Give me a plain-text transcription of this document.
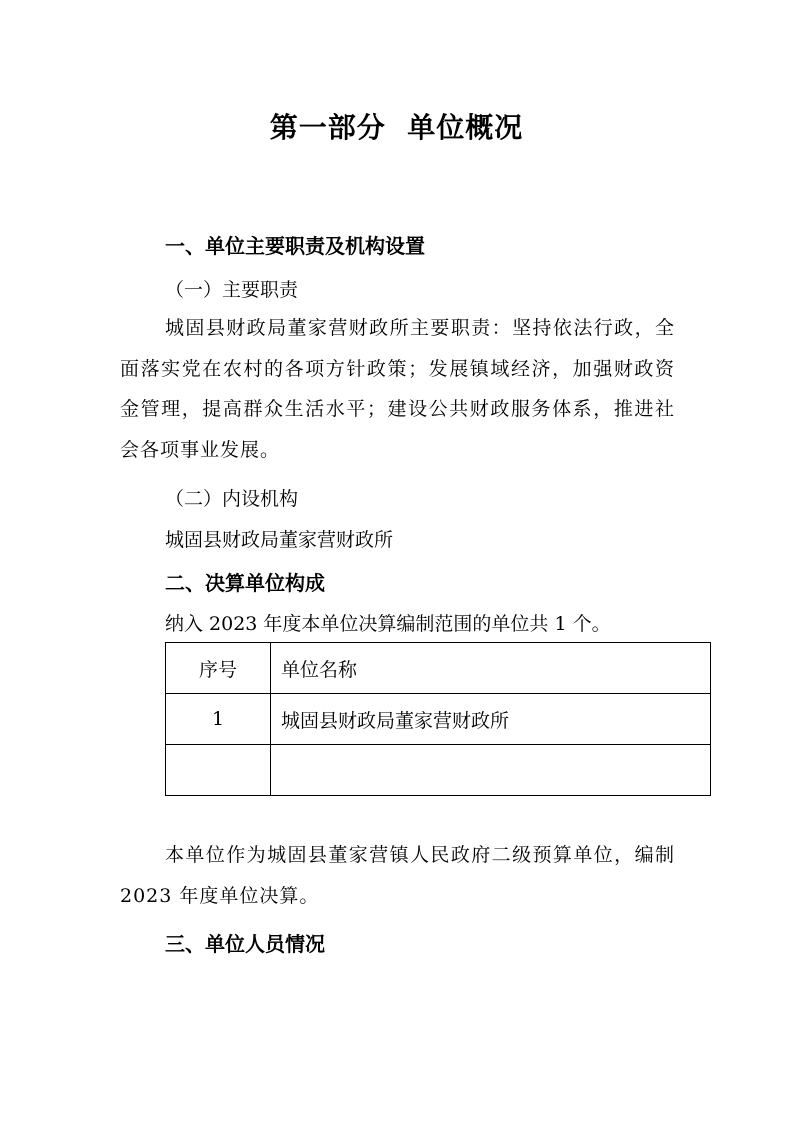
第一部分  单位概况
一、单位主要职责及机构设置
（一）主要职责
城固县财政局董家营财政所主要职责：坚持依法行政，全面落实党在农村的各项方针政策；发展镇域经济，加强财政资金管理，提高群众生活水平；建设公共财政服务体系，推进社会各项事业发展。
（二）内设机构
城固县财政局董家营财政所
二、决算单位构成
纳入 2023 年度本单位决算编制范围的单位共 1 个。
序号	单位名称
1	城固县财政局董家营财政所

本单位作为城固县董家营镇人民政府二级预算单位，编制 2023 年度单位决算。
三、单位人员情况
